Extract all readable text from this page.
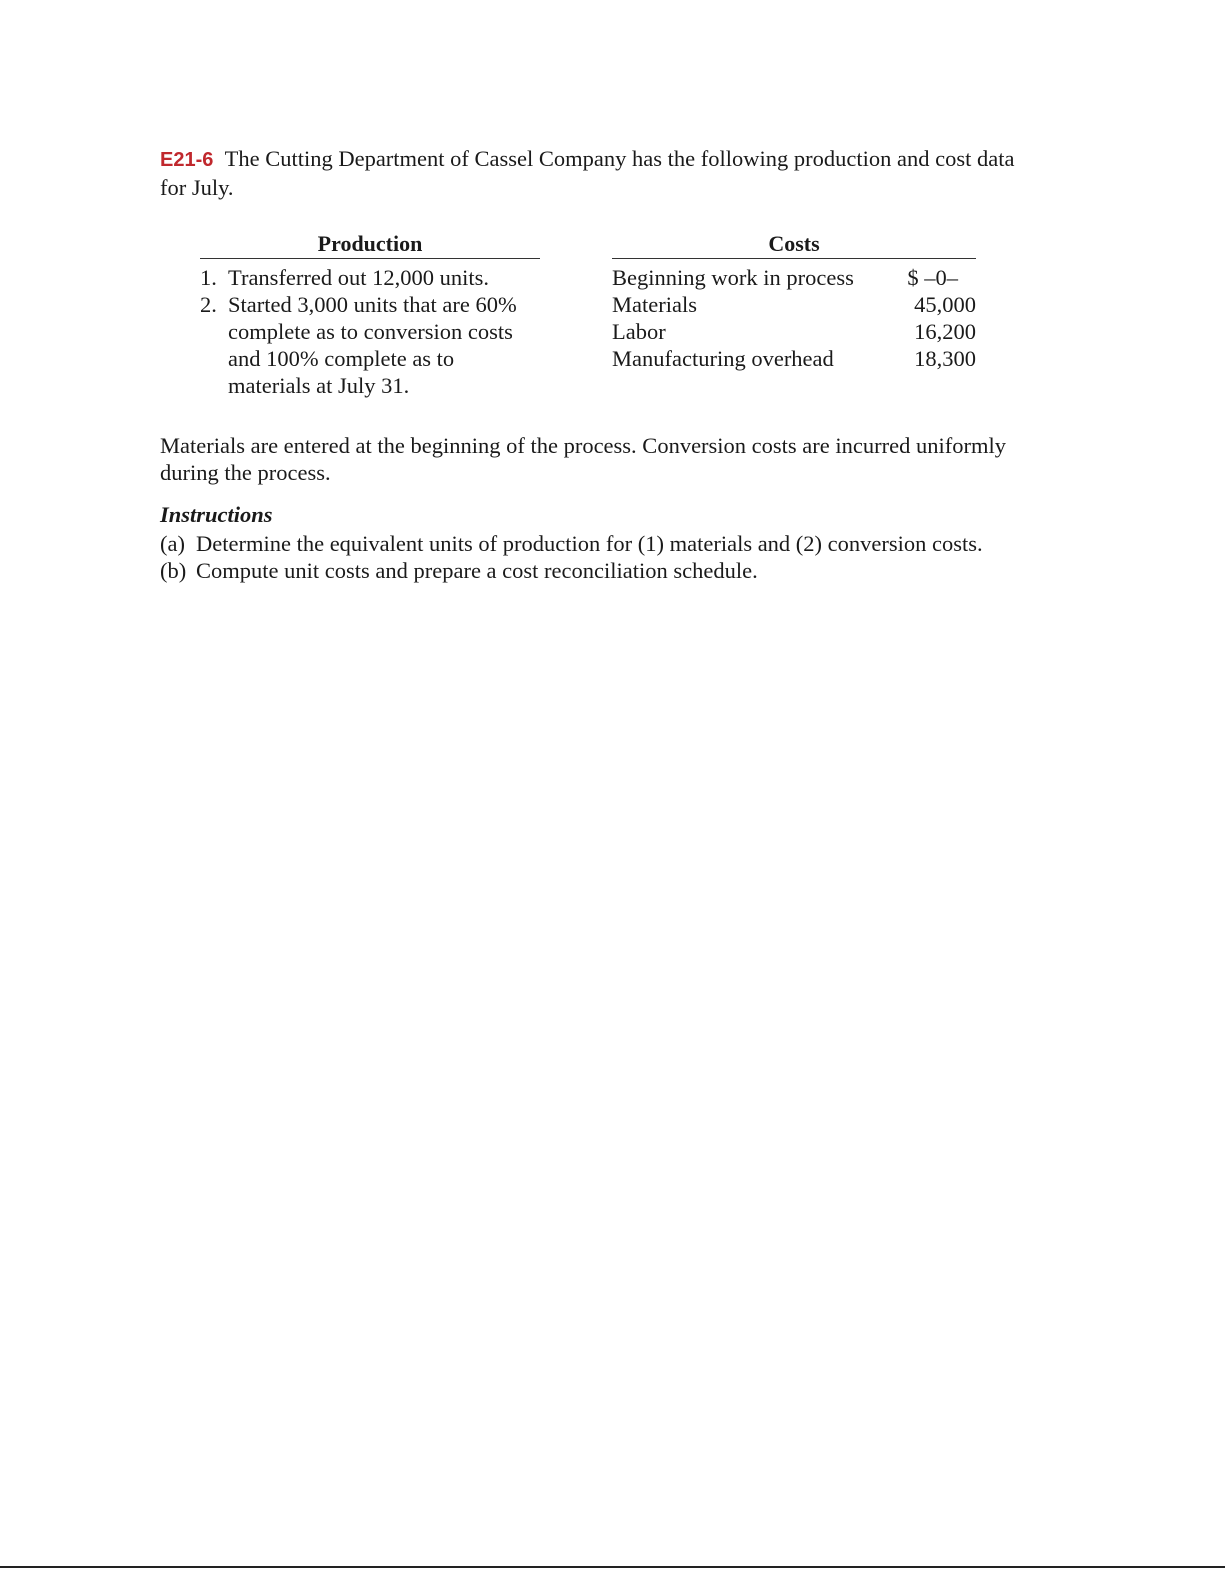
E21-6 The Cutting Department of Cassel Company has the following production and cost data for July.
Production
1. Transferred out 12,000 units.
2. Started 3,000 units that are 60% complete as to conversion costs and 100% complete as to materials at July 31.
Costs
Beginning work in process $ –0–
Materials	45,000
Labor	16,200
Manufacturing overhead	18,300
Materials are entered at the beginning of the process. Conversion costs are incurred uniformly during the process.
Instructions
(a) Determine the equivalent units of production for (1) materials and (2) conversion costs.
(b) Compute unit costs and prepare a cost reconciliation schedule.
